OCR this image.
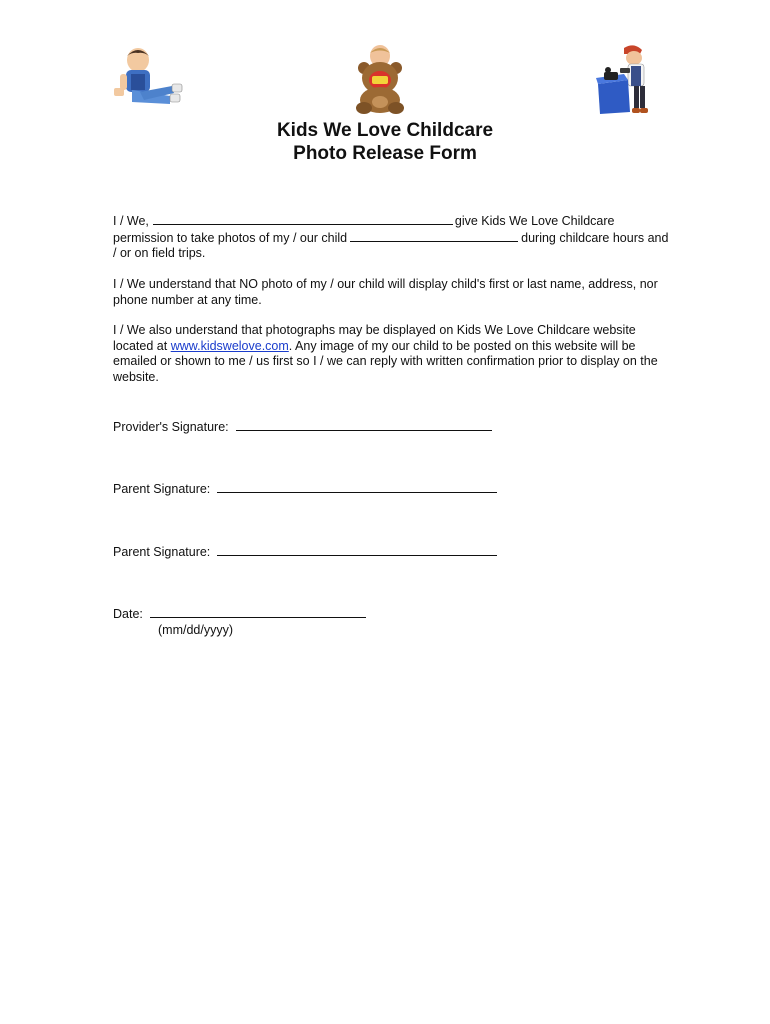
Kids We Love Childcare
Photo Release Form

I / We,	give Kids We Love Childcare permission to take photos of my / our child	during childcare hours and / or on field trips.

I / We understand that NO photo of my / our child will display child's first or last name, address, nor phone number at any time.

I / We also understand that photographs may be displayed on Kids We Love Childcare website located at www.kidswelove.com. Any image of my our child to be posted on this website will be emailed or shown to me / us first so I / we can reply with written confirmation prior to display on the website.

Provider's Signature:
Parent Signature:
Parent Signature:
Date:
(mm/dd/yyyy)
